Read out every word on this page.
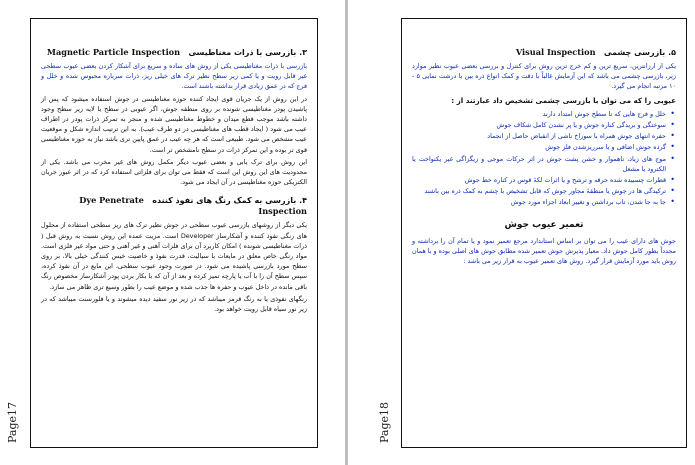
Page17	Page18
۳. بازرسی با ذرات مغناطیسی   Magnetic Particle Inspection
بازرسی با ذرات مغناطیسی یکی از روش های ساده و سریع برای آشکار کردن بعضی عیوب سطحی غیر قابل رویت و یا کمی زیر سطح نظیر ترک های خیلی ریز، ذرات سرباره محبوس شده و خلل و فرج که در عمق زیادی قرار نداشته باشند است.
در این روش از یک جریان قوی ایجاد کننده حوزه مغناطیسی در جوش استفاده میشود که پس از پاشیدن پودر مغناطیسی شونده بر روی منطقه جوش، اگر عیوبی در سطح یا لایه زیر سطح وجود داشته باشد موجب قطع میدان و خطوط مغناطیسی شده و منجر به تمرکز ذرات پودر در اطراف عیب می شود ( ایجاد قطب های مغناطیسی در دو طرف عیب). به این ترتیب اندازه شکل و موقعیت عیب مشخص می شود. طبیعی است که هر چه عیب در عمق پایین تری باشد نیاز به حوزه مغناطیسی قوی تر بوده و این تمرکز ذرات در سطح نامشخص تر است.
این روش برای ترک یابی و بعضی عیوب دیگر مکمل روش های غیر مخرب می باشد. یکی از محدودیت های این روش این است که فقط می توان برای فلزاتی استفاده کرد که در اثر عبور جریان الکتریکی حوزه مغناطیسی در آن ایجاد می شود.
۴. بازرسی به کمک رنگ های نفوذ کننده   Dye Penetrate Inspection
یکی دیگر از روشهای بازرسی عیوب سطحی در جوش نظیر ترک های ریز سطحی استفاده از محلول های رنگی نفوذ کننده و آشکارساز Developer است. مزیت عمده این روش نسبت به روش قبل ( ذرات مغناطیسی شونده ) امکان کاربرد آن برای فلزات آهنی و غیر آهنی و حتی مواد غیر فلزی است. مواد رنگی خاص معلق در مایعات با سیالیت، قدرت نفوذ و خاصیت خیس کنندگی خیلی بالا، بر روی سطح مورد بازرسی پاشیده می شود. در صورت وجود عیوب سطحی، این مایع در آن نفوذ کرده، سپس سطح آن را با آب یا پارچه تمیز کرده و بعد از آن که با بکار بردن پودر آشکارساز مخصوص رنگ باقی مانده در داخل عیوب و حفره ها جذب شده و موضع عیب را بطور وسیع تری ظاهر می سازد.
رنگهای نفوذی یا به رنگ قرمز میباشد که در زیر نور سفید دیده میشوند و یا فلورسنت میباشد که در زیر نور سیاه قابل رویت خواهد بود.
۵. بازرسی چشمی   Visual Inspection
یکی از ارزانترین، سریع ترین و کم خرج ترین روش برای کنترل و بررسی بعضی عیوب نظیر موارد زیر، بازرسی چشمی می باشد که این آزمایش غالباً با دقت و کمک انواع ذره بین با درشت نمایی ۵ - ۱۰ مرتبه انجام می گیرد.
عیوبی را که می توان با بازرسی چشمی تشخیص داد عبارتند از :
• خلل و فرج هایی که تا سطح جوش امتداد دارند
• سوختگی و بریدگی کناره جوش و یا پر نشدن کامل شکاف جوش
• حفره انتهای جوش همراه با سوراخ ناشی از انقباض حاصل از انجماد
• گرده جوش اضافی و یا سرریزشدن فلز جوش
• موج های زیاد، ناهموار و خشن پشت جوش در اثر حرکات موجی و زیگزاگی غیر یکنواخت یا الکترود یا مشعل
• قطرات چسبیده شده جرقه و ترشح و یا اثرات لکهٔ قوس در کناره خط جوش
• ترکیدگی ها در جوش یا منطقهٔ مجاور جوش که قابل تشخیص با چشم به کمک ذره بین باشند
• جا به جا شدن، تاب برداشتن و تغییر ابعاد اجزاء مورد جوش
تعمیر عیوب جوش
جوش های دارای عیب را می توان بر اساس استاندارد مرجع تعمیر نمود و یا تمام آن را برداشته و مجدداً بطور کامل جوش داد. معیار پذیرش جوش تعمیر شده مطابق جوش های اصلی بوده و با همان روش باید مورد آزمایش قرار گیرد. روش های تعمیر عیوب به قرار زیر می باشد :
